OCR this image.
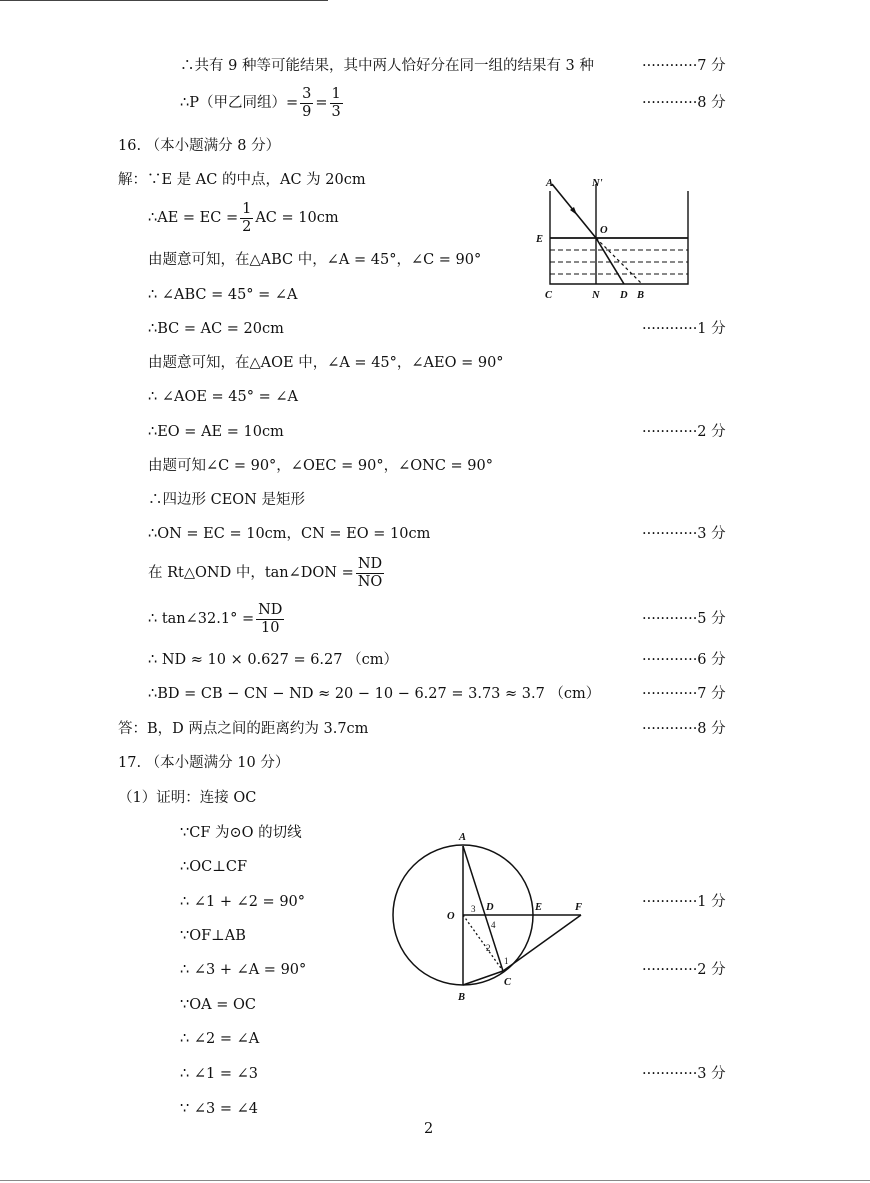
∴共有 9 种等可能结果，其中两人恰好分在同一组的结果有 3 种	············7 分
∴P（甲乙同组）= $\frac{3}{9} = \frac{1}{3}$	············8 分
16. （本小题满分 8 分）
解：∵E 是 AC 的中点，AC 为 20cm
∴AE = EC = $\frac{1}{2}$ AC = 10cm
由题意可知，在△ABC 中，∠A = 45°，∠C = 90°
∴ ∠ABC = 45° = ∠A
∴BC = AC = 20cm	············1 分
由题意可知，在△AOE 中，∠A = 45°，∠AEO = 90°
∴ ∠AOE = 45° = ∠A
∴EO = AE = 10cm	············2 分
由题可知∠C = 90°，∠OEC = 90°，∠ONC = 90°
∴四边形 CEON 是矩形
∴ON = EC = 10cm，CN = EO = 10cm	············3 分
在 Rt△OND 中，tan∠DON = $\frac{ND}{NO}$
∴ tan∠32.1° = $\frac{ND}{10}$	············5 分
∴ ND ≈ 10 × 0.627 = 6.27 （cm）	············6 分
∴BD = CB − CN − ND ≈ 20 − 10 − 6.27 = 3.73 ≈ 3.7 （cm）	············7 分
答：B，D 两点之间的距离约为 3.7cm	············8 分
17. （本小题满分 10 分）
（1）证明：连接 OC
∵CF 为⊙O 的切线
∴OC⊥CF
∴ ∠1 + ∠2 = 90°	············1 分
∵OF⊥AB
∴ ∠3 + ∠A = 90°	············2 分
∵OA = OC
∴ ∠2 = ∠A
∴ ∠1 = ∠3	············3 分
∵ ∠3 = ∠4
A	N'
O
E
C	N D B
A
O
D	E	F
B
C
1
2
3
4
2
